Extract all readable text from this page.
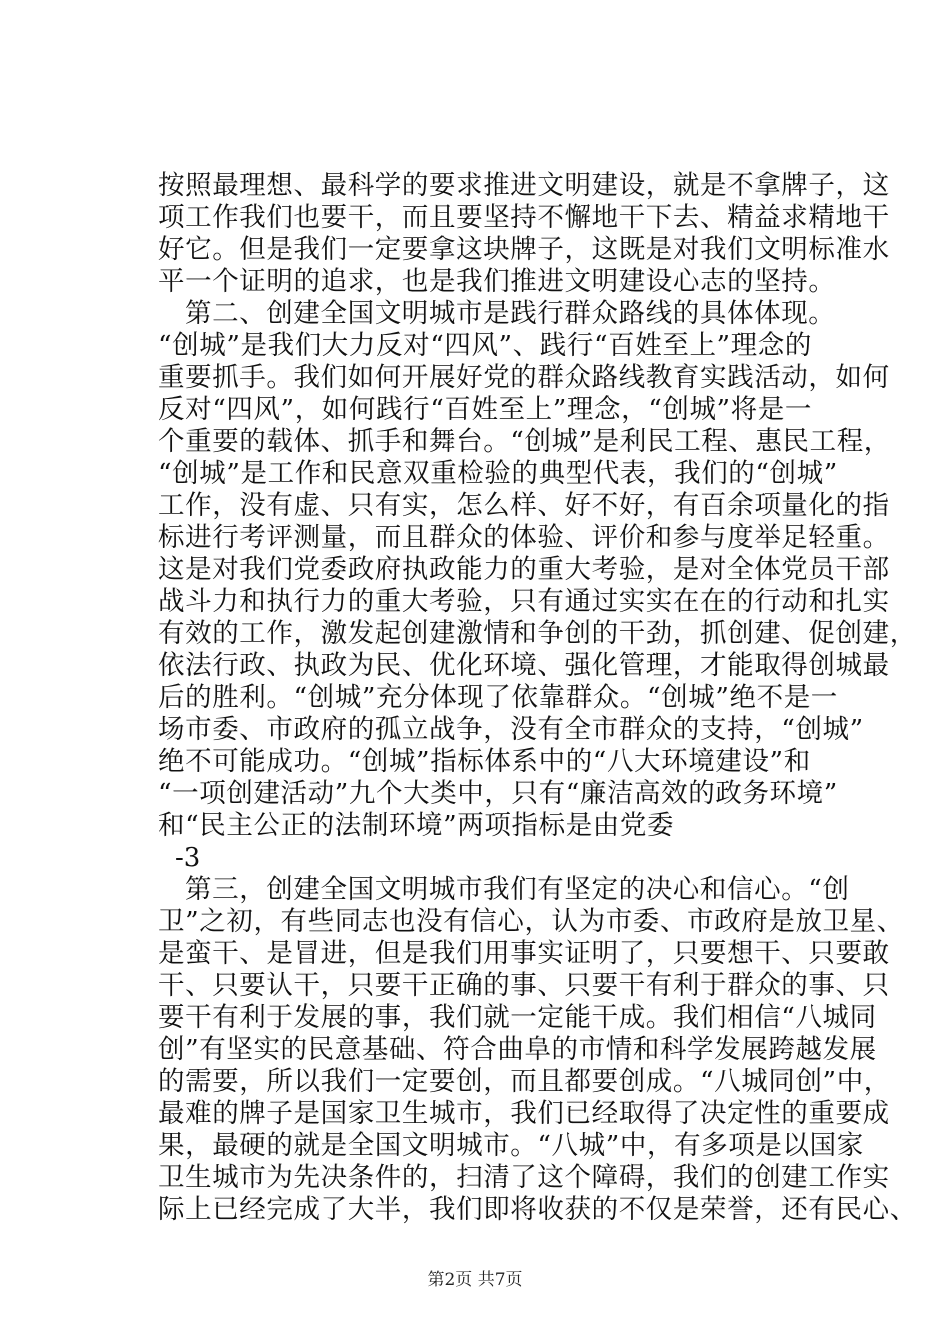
按照最理想、最科学的要求推进文明建设，就是不拿牌子，这
项工作我们也要干，而且要坚持不懈地干下去、精益求精地干
好它。但是我们一定要拿这块牌子，这既是对我们文明标准水
平一个证明的追求，也是我们推进文明建设心志的坚持。
第二、创建全国文明城市是践行群众路线的具体体现。
“创城”是我们大力反对“四风”、践行“百姓至上”理念的
重要抓手。我们如何开展好党的群众路线教育实践活动，如何
反对“四风”，如何践行“百姓至上”理念，“创城”将是一
个重要的载体、抓手和舞台。“创城”是利民工程、惠民工程，
“创城”是工作和民意双重检验的典型代表，我们的“创城”
工作，没有虚、只有实，怎么样、好不好，有百余项量化的指
标进行考评测量，而且群众的体验、评价和参与度举足轻重。
这是对我们党委政府执政能力的重大考验，是对全体党员干部
战斗力和执行力的重大考验，只有通过实实在在的行动和扎实
有效的工作，激发起创建激情和争创的干劲，抓创建、促创建，
依法行政、执政为民、优化环境、强化管理，才能取得创城最
后的胜利。“创城”充分体现了依靠群众。“创城”绝不是一
场市委、市政府的孤立战争，没有全市群众的支持，“创城”
绝不可能成功。“创城”指标体系中的“八大环境建设”和
“一项创建活动”九个大类中，只有“廉洁高效的政务环境”
和“民主公正的法制环境”两项指标是由党委
-3
第三，创建全国文明城市我们有坚定的决心和信心。“创
卫”之初，有些同志也没有信心，认为市委、市政府是放卫星、
是蛮干、是冒进，但是我们用事实证明了，只要想干、只要敢
干、只要认干，只要干正确的事、只要干有利于群众的事、只
要干有利于发展的事，我们就一定能干成。我们相信“八城同
创”有坚实的民意基础、符合曲阜的市情和科学发展跨越发展
的需要，所以我们一定要创，而且都要创成。“八城同创”中，
最难的牌子是国家卫生城市，我们已经取得了决定性的重要成
果，最硬的就是全国文明城市。“八城”中，有多项是以国家
卫生城市为先决条件的，扫清了这个障碍，我们的创建工作实
际上已经完成了大半，我们即将收获的不仅是荣誉，还有民心、
第2页 共7页
